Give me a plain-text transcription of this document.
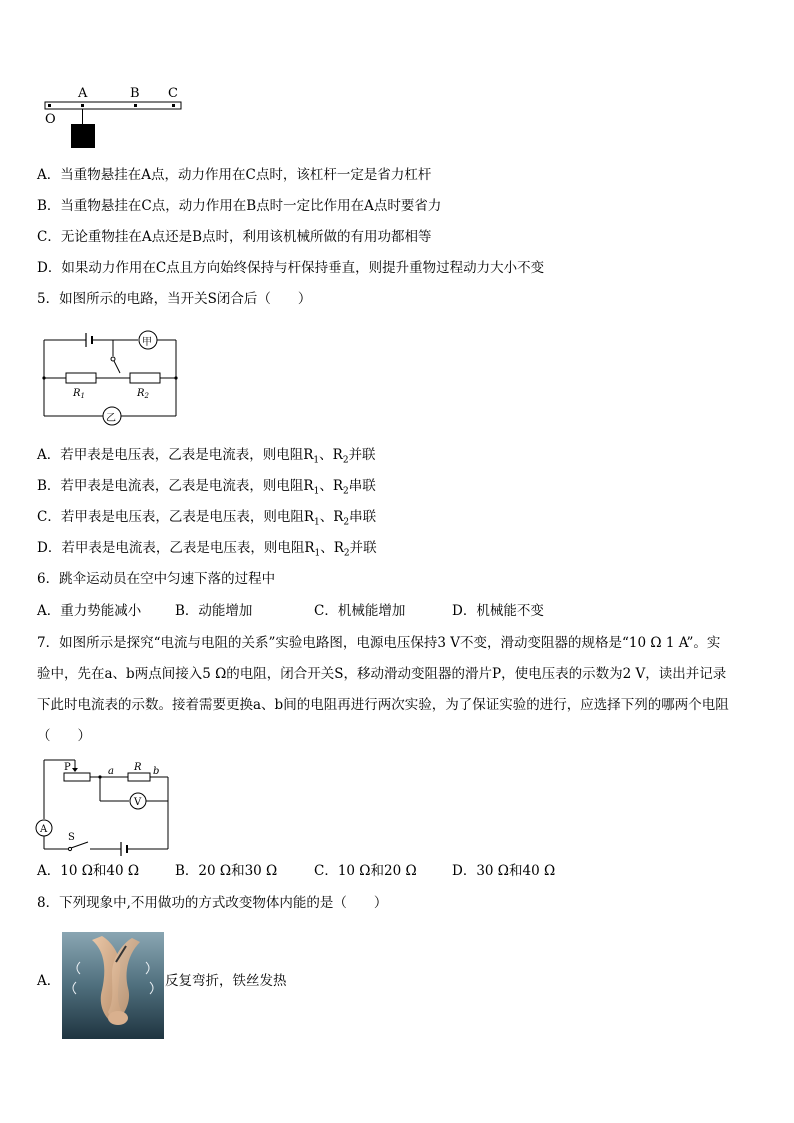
A	B C
O
A．当重物悬挂在A点，动力作用在C点时，该杠杆一定是省力杠杆
B．当重物悬挂在C点，动力作用在B点时一定比作用在A点时要省力
C．无论重物挂在A点还是B点时，利用该机械所做的有用功都相等
D．如果动力作用在C点且方向始终保持与杆保持垂直，则提升重物过程动力大小不变
5．如图所示的电路，当开关S闭合后（　　）
甲
$R_1$	$R_2$
乙
A．若甲表是电压表，乙表是电流表，则电阻$R_1$、$R_2$并联
B．若甲表是电流表，乙表是电流表，则电阻$R_1$、$R_2$串联
C．若甲表是电压表，乙表是电压表，则电阻$R_1$、$R_2$串联
D．若甲表是电流表，乙表是电压表，则电阻$R_1$、$R_2$并联
6．跳伞运动员在空中匀速下落的过程中
A．重力势能减小	B．动能增加	C．机械能增加	D．机械能不变
7．如图所示是探究“电流与电阻的关系”实验电路图，电源电压保持3 V不变，滑动变阻器的规格是“10 Ω 1 A”。实
验中，先在a、b两点间接入5 Ω的电阻，闭合开关S，移动滑动变阻器的滑片P，使电压表的示数为2 V，读出并记录
下此时电流表的示数。接着需要更换a、b间的电阻再进行两次实验，为了保证实验的进行，应选择下列的哪两个电阻
（　　）
P	a R b
V
A
S
A．10 Ω和40 Ω	B．20 Ω和30 Ω	C．10 Ω和20 Ω	D．30 Ω和40 Ω
8．下列现象中,不用做功的方式改变物体内能的是（　　）
A．	反复弯折，铁丝发热
